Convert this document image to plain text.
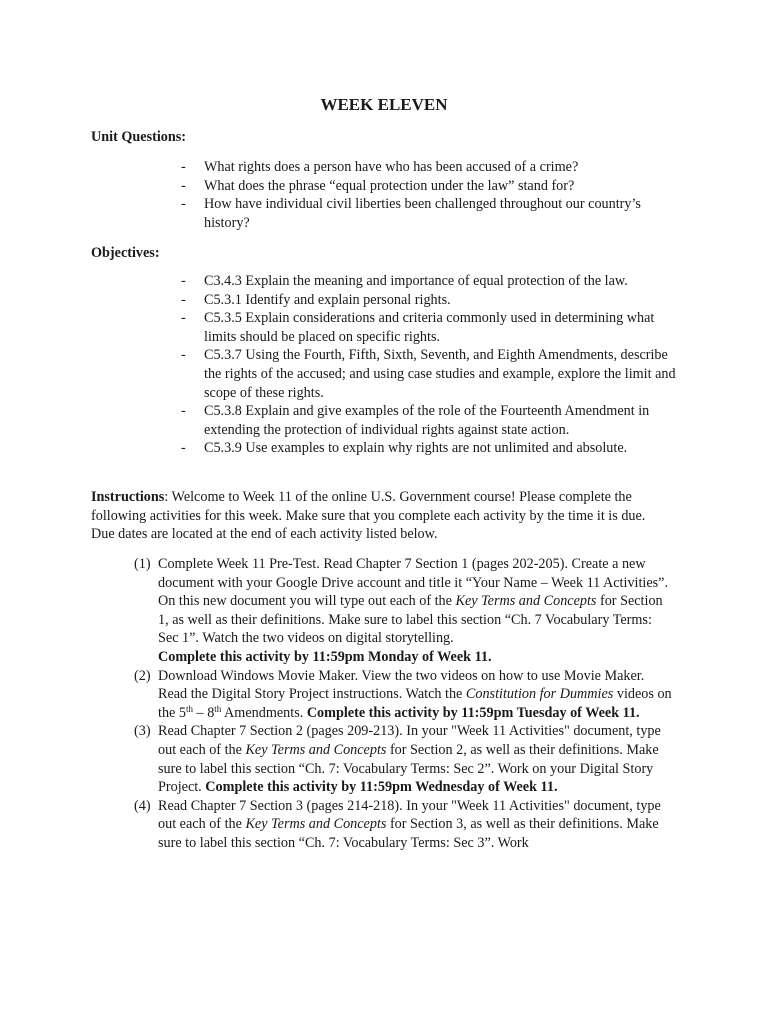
WEEK ELEVEN
Unit Questions:
- What rights does a person have who has been accused of a crime?
- What does the phrase “equal protection under the law” stand for?
- How have individual civil liberties been challenged throughout our country’s history?
Objectives:
- C3.4.3 Explain the meaning and importance of equal protection of the law.
- C5.3.1 Identify and explain personal rights.
- C5.3.5 Explain considerations and criteria commonly used in determining what limits should be placed on specific rights.
- C5.3.7 Using the Fourth, Fifth, Sixth, Seventh, and Eighth Amendments, describe the rights of the accused; and using case studies and example, explore the limit and scope of these rights.
- C5.3.8 Explain and give examples of the role of the Fourteenth Amendment in extending the protection of individual rights against state action.
- C5.3.9 Use examples to explain why rights are not unlimited and absolute.

Instructions: Welcome to Week 11 of the online U.S. Government course! Please complete the following activities for this week. Make sure that you complete each activity by the time it is due. Due dates are located at the end of each activity listed below.

(1) Complete Week 11 Pre-Test. Read Chapter 7 Section 1 (pages 202-205). Create a new document with your Google Drive account and title it “Your Name – Week 11 Activities”. On this new document you will type out each of the Key Terms and Concepts for Section 1, as well as their definitions. Make sure to label this section “Ch. 7 Vocabulary Terms: Sec 1”. Watch the two videos on digital storytelling.
Complete this activity by 11:59pm Monday of Week 11.
(2) Download Windows Movie Maker. View the two videos on how to use Movie Maker. Read the Digital Story Project instructions. Watch the Constitution for Dummies videos on the 5th – 8th Amendments. Complete this activity by 11:59pm Tuesday of Week 11.
(3) Read Chapter 7 Section 2 (pages 209-213). In your "Week 11 Activities" document, type out each of the Key Terms and Concepts for Section 2, as well as their definitions. Make sure to label this section “Ch. 7: Vocabulary Terms: Sec 2”. Work on your Digital Story Project. Complete this activity by 11:59pm Wednesday of Week 11.
(4) Read Chapter 7 Section 3 (pages 214-218). In your "Week 11 Activities" document, type out each of the Key Terms and Concepts for Section 3, as well as their definitions. Make sure to label this section “Ch. 7: Vocabulary Terms: Sec 3”. Work
